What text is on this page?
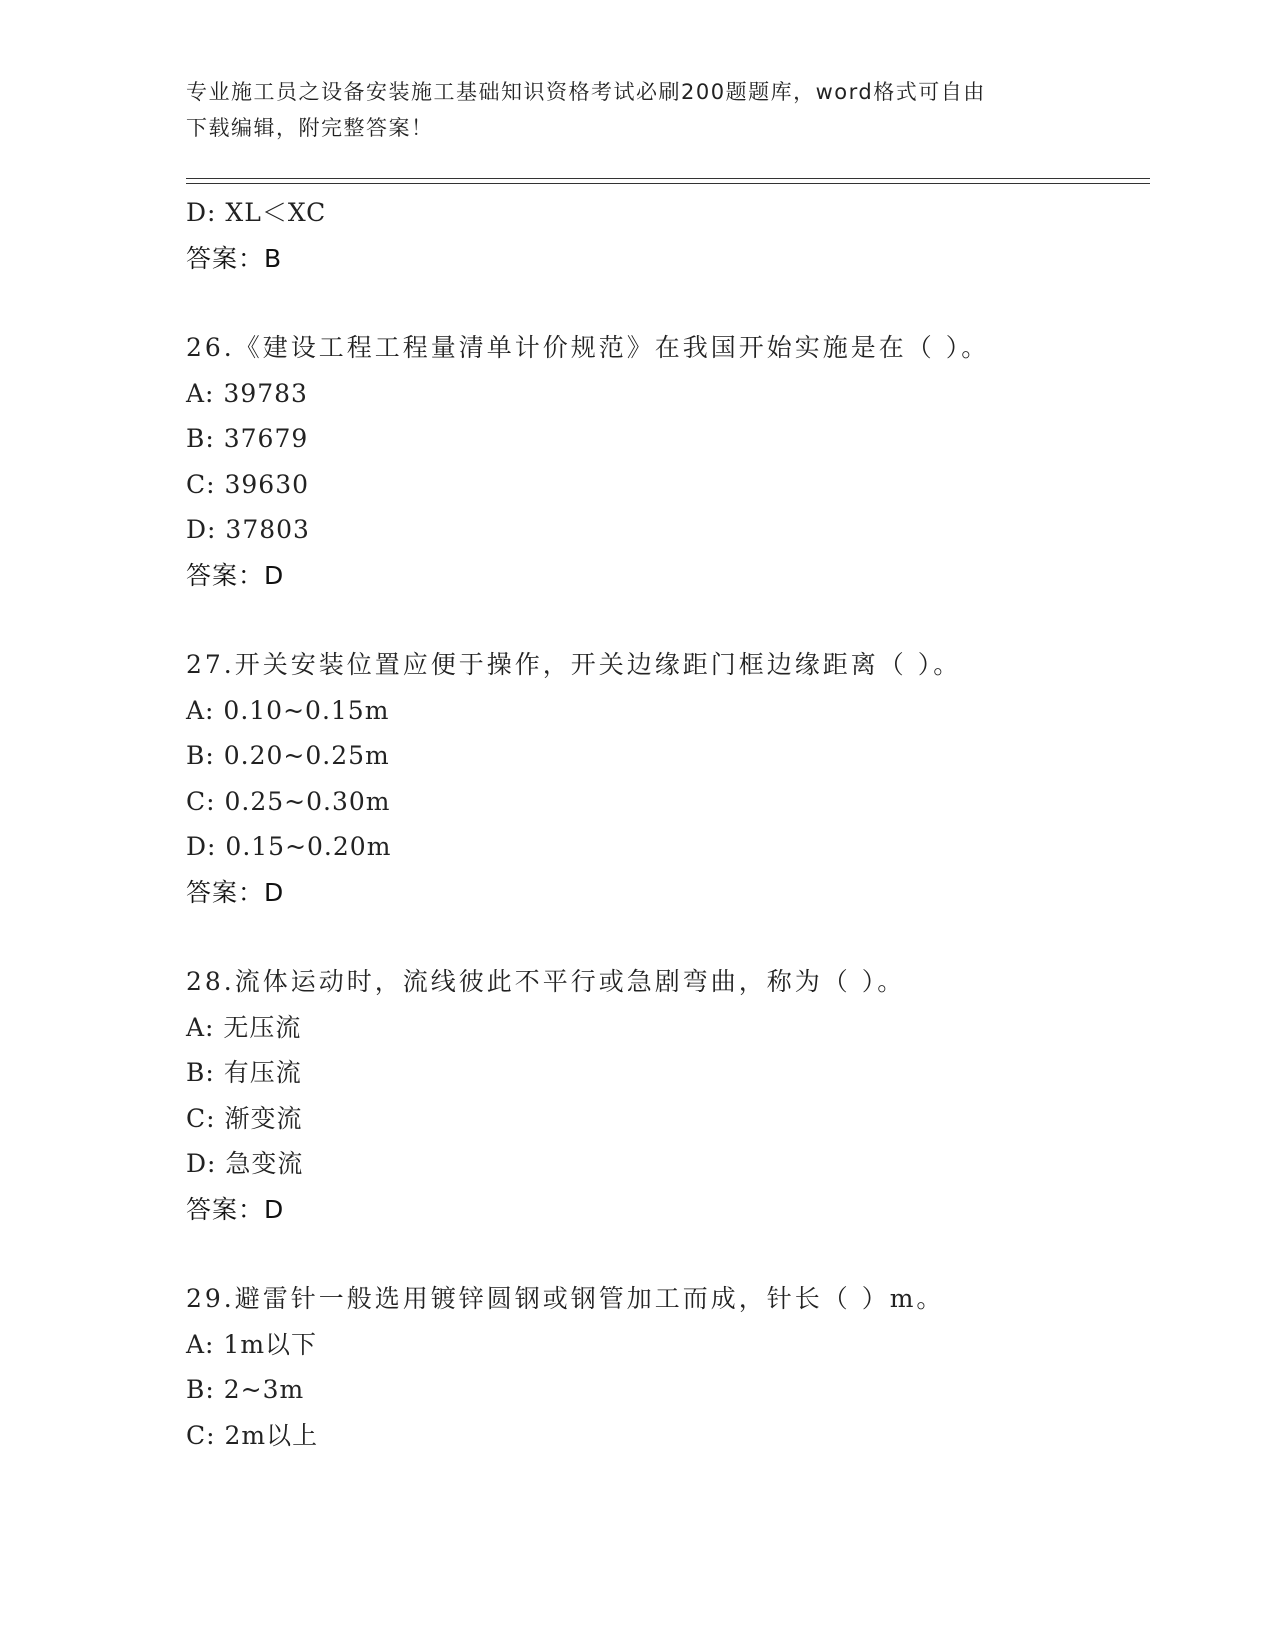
专业施工员之设备安装施工基础知识资格考试必刷200题题库，word格式可自由
下载编辑，附完整答案！
D: XL＜XC
答案：B
26.《建设工程工程量清单计价规范》在我国开始实施是在（ ）。
A: 39783
B: 37679
C: 39630
D: 37803
答案：D
27.开关安装位置应便于操作，开关边缘距门框边缘距离（ ）。
A: 0.10~0.15m
B: 0.20~0.25m
C: 0.25~0.30m
D: 0.15~0.20m
答案：D
28.流体运动时，流线彼此不平行或急剧弯曲，称为（ ）。
A: 无压流
B: 有压流
C: 渐变流
D: 急变流
答案：D
29.避雷针一般选用镀锌圆钢或钢管加工而成，针长（ ）m。
A: 1m以下
B: 2~3m
C: 2m以上
